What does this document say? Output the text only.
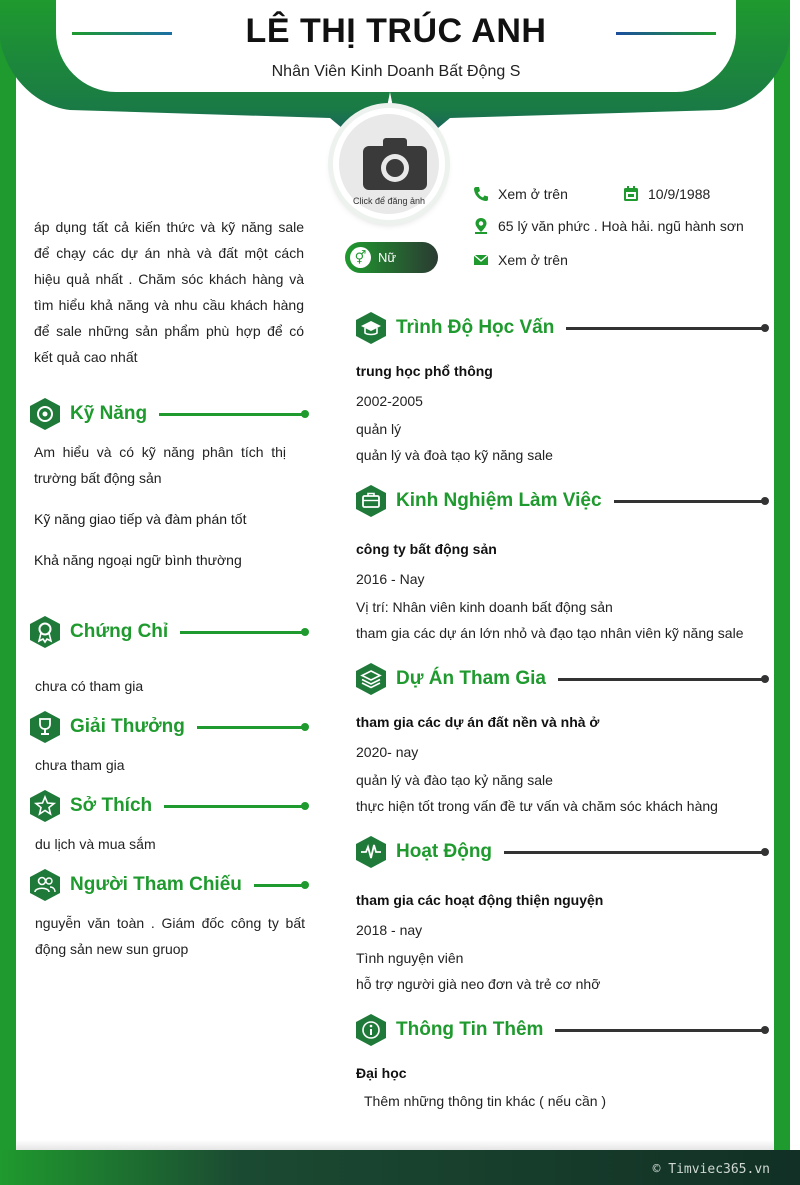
LÊ THỊ TRÚC ANH
Nhân Viên Kinh Doanh Bất Động S
Click để đăng ảnh	Xem ở trên	10/9/1988
65 lý văn phức . Hoà hải. ngũ hành sơn
Xem ở trên
⚥ Nữ
áp dụng tất cả kiến thức và kỹ năng sale để chạy các dự án nhà và đất một cách hiệu quả nhất . Chăm sóc khách hàng và tìm hiểu khả năng và nhu cầu khách hàng để sale những sản phẩm phù hợp để có kết quả cao nhất
Kỹ Năng
Am hiểu và có kỹ năng phân tích thị trường bất động sản
Kỹ năng giao tiếp và đàm phán tốt
Khả năng ngoại ngữ bình thường
Chứng Chỉ
chưa có tham gia
Giải Thưởng
chưa tham gia
Sở Thích
du lịch và mua sắm
Người Tham Chiếu
nguyễn văn toàn . Giám đốc công ty bất động sản new sun gruop
Trình Độ Học Vấn
trung học phổ thông
2002-2005
quản lý
quản lý và đoà tạo kỹ năng sale
Kinh Nghiệm Làm Việc
công ty bất động sản
2016 - Nay
Vị trí: Nhân viên kinh doanh bất động sản
tham gia các dự án lớn nhỏ và đạo tạo nhân viên kỹ năng sale
Dự Án Tham Gia
tham gia các dự án đất nền và nhà ở
2020- nay
quản lý và đào tạo kỷ năng sale
thực hiện tốt trong vấn đề tư vấn và chăm sóc khách hàng
Hoạt Động
tham gia các hoạt động thiện nguyện
2018 - nay
Tình nguyện viên
hỗ trợ người già neo đơn và trẻ cơ nhỡ
Thông Tin Thêm
Đại học
Thêm những thông tin khác ( nếu cần )
© Timviec365.vn
